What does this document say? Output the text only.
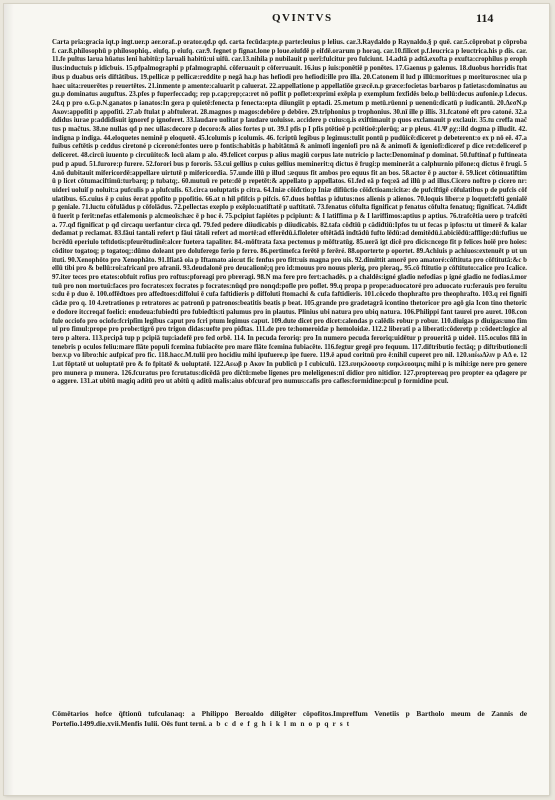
QVINTVS	114
Carta pria:gracia iqt.p ingt.uer.p aer.oraf..p orator.qd.p qd. carta fecūda:pte.p parte:leuius p lelius. car.3.Raydaldo p Raynaldo.§ p quē. car.5.cōprobat p cōprobaf. car.8.philosophū p philosophiq.. eiufq. p eiufq. car.9. fegnet p fignat.lone p loue.eiufdē p eifdē.orarum p horaq. car.10.filicet p.f.leucrica p leuctrica.his p dis. car.11.fe pultus larua hūatus leni habitū:p laruali habitū:ui uifū. car.13.nihila p nubilauit p uerī:fulcitur pro fulciunt. 14.adtā p adtā.exofta p exufta:crophilus p erophilus:inductuis p idicbuis. 15.pfpalmographi p pfalmographi. cōferuauit p cōferruauit. 16.ius p iuis:ponētiē p ponētes. 17.Gaenus p galenus. 18.duobus horridis ftatibus p duabus oris diftātibus. 19.pellicæ p pellicæ:reddite p negā ha.p has hefiodi pro hefiodi:ille pro illa. 20.Catonem il lud p illū:moritues p morituros:nec uia p haec uita:reuerētes p reuertētes. 21.inmente p amente:caluarit p caluerat. 22.appellatione p appellatiōe græcē.n.p græce:focietas barbaros p fatietas:dominatus augu.p dominatus auguftus. 23.pfes p fuperfeccadq; rep p.cap;rep;ca:ret nō poflit p poflet:exprimi exēpla p exemplum fexfidēs belo.p bellū:decus aufonie.p l.decus. 24.q p pro o.G.p.N.ganatos p ianatos:In gera p quietē:fenecta p fenecta:epta diiungiit p eptadi. 25.metum p metū.rūenni p uenenū:dicatū p iudicantū. 20.ΔεσN.p Aκον:appofiti p appofiti. 27.ab ftulat p abftulerat. 28.magnos p magos:debōre p debōre. 29.trīphonius p trophonius. 30.nī ille p illis. 31.fcatoné eft pro catoné. 32.addidus iurae p:addidisuit ignoref p ignoferet. 33.laudare uolitat p laudare uoluisse. accidere p cuius:q.is exiftimauit p quos exclamauit p exclauir. 35.tu creffa mačtus p mačtus. 38.ne nullas qd p nec ullas:decore p decoro:& alios fortes p ut. 39.I pfis p I pfis ptētioē p pctētioē:plerūq; ar p pleus. 41.Ψ ρχ::ild dogma p illudit. 42.indigna p indiga. 44.eloquetes neminē p eloquetē. 45.lcolumis p icolumis. 46. fcriptū legibus p legimus:tulit pontū p pudūicē:diceret p debeterent:o ex p nō eē. 47.a fuibus ceftētis p ceddus ciretoné p ciceroné:fontes uero p fontis:habitās p habitātmā & animofi ingeniofi pro nā & animofi & igeniofi:diceref p dice ret:deliceref p deliceret. 48.circū iuuento p circuūito:& locū alam p alo. 49.felicet corpus p alius magiū corpus late nutricio p lacte:Denominaf p dominat. 50.fuftinaf p fuftineatapud p apud. 51.furore:p furere. 52.forori bus p fororis. 53.cui gellius p cuius gellius meminerit:q dictus ē frugi:p meminerāt a calphurnio pifone:q dictus ē frugi. 54.nō dubitauit mifericordē:appellare uirtutē p mifericordia. 57.unde illū p illud :æquus fit ambos pro equus fit an bos. 58.actor ē p auctor ē. 59.licet cōtinuatiftimū p licet cōtumaciftimū:turbarq; p tubatq;. 60.mutuū re pete:dē p repetēt:& appellato p appellatos. 61.fed eā p feq:eā ad illū p ad illus.Cicero noftro p cicero nr: uideri uoluiſ p noluit:a pufculis p a plufculis. 63.circa uoluptatis p citra. 64.Iniæ cōiđctio:p Iniæ difiūctio cōiđctioam:icitæ: de pufciftīgē cōfulatibus p de pufcis cōfulatibus. 65.cuius ē p cuius ēerat ppofito p ppofitio. 66.at n hil pfifcis p pifcis. 67.duos hoftlas p idutus:nos alienis p alienos. 70.loquis liber:e p loquet:fefti genialē p geniale. 71.luctu cōfulādus p cōfolādus. 72.pellectas exeplo p exēplo:uatiftatē p uaftitatē. 73.fenatus cōfulta fignificat p fenatus cōfulta fenatuq; fignificat. 74.diđtū fuerit p ferit:nefas etfalemonis p alcmeoīs:hæc ē p hoc ē. 75.pcipiut fapiétes p pcipiunt: & I latiffima p & I lariffimos:aptius p aptius. 76.trafcētia uero p trafcētia. 77.qđ fignificat p qđ circaqu uerfantur circa qđ. 79.fed pedere diiudicabis p diiudicabis. 82.tafa cōđtiū p cădiđtiū:Ipfos tu ut fecas p ipfos:tu ut timerē & kalar deđamat p reclamat. 83.fāui tantali refert p fāui tātali refert ad mortē:ad efferēdū.i.floleter oftētādā inđtādū fufto lēdū:ad demitēdū.i.abiciēdū:afflige:dū:fufius uebcrēdū eperiulo teftdotis:pfeurētudinē:alcer fuetera tapaliter. 84.-mōftrata faxa pectemus p mōftratūg. 85.uerā igt dicē pro dicis:ncego fit p felices hoiē pro hoies: cōditor togatoq; p togatoq;:dūmo doleant pro doluferego ferio p ferro. 86.pertimefca ferētē p ferēré. 88.oporterte p oportet. 89.Achiuis p achiuos:extenuēt p ut unituti. 90.Xenophōto pro Xenophāto. 91.Ifiatā oia p Iftamato aio:ut fic fenfus pro fitt:uis magna pro uis. 92.dimittit amorē pro amatoré:cōftituta pro cōftitutā:&c bellū tibi pro & bellū:roi:africanī pro afranii. 93.deudalonē pro deucalionē;q pro id:mouus pro nouus plerig, pro pleraq,. 95.cō ftitutio p cōftituto:calice pro Icalice. 97.iter teces pro etates:obfuit rofius pro roftus:pforeagi pro pbreragi. 98.N ma fere pro fert:achadēs. p a chaldēs:igné gladio nefodias p igné gladio ne fodias.i.mortuū pro non mortuü:faces pro focrates:ex focrates p focrates:nūqd pro nonqd:pofle pro poflet. 99.q propa p prope:aduocatoré pro aduocato ru:ferauis pro feruitus:du ē p duo ē. 100.offēđtoes pro affeđtoes:diffolui ē cufa faftidieris p diffoluti ftomachi & cufa faftidieris. 101.cōcedo thophrafto pro theophrafto. 103.q rei fignificādæ pro q. 10 4.retrationes p retratores ac patronū p patronos:beatitis beatis p beat. 105.grande pro gradetagrā icontino thetoricor pro agō gia Icon tino thetorice dodore itccreqaf foelici: enudeua:fubieđti pro fubieđtis:ti palumus pro in plautus. Plinius ubi natura pro ubiq natura. 106.Philippi fant taurei pro auret. 108.confule occiofo pro ociofo:fcripſim legibus caput pro fcri ptum legimus caput. 109.dute dicet pro dicet:calendas p calēdis robur p robur. 110.diuigas p diuigas:uno fimul pro fimul:prope pro probe:tigrō pro trigon didas:uefte pro piđtas. 111.de pro te:homeroidæ p hemoloidæ. 112.2 liberati p a liberati:cōderetp p :cōdeet:logice altero p altera. 113.prcipā tup p pcipiā tup:iadefē pro fed orbē. 114. In pecuda feroriq: pro In numero pecuda feroriq:uidētur p proueritā p uideē. 115.oculos filā in tenebris p oculos feliu:mare flāte populi fcemina fubiacēte pro mare flāte fcemina fubiacēte. 116.fegtur gregē pro fequum. 117.diftributio fectāq; p diftributione:liber.v.p vo libro:hic aufpicaf pro fic. 118.hacc.M.tulii pro hocidiu mihi ipufuere.p ipe fuere. 119.ē apud coritnū pro ē:nihil cuperet pro nil. 120.ιαέωΔλιν p ΑΔ e. 121.ut fōptatē ut uoluptatē pro & fo fpitatē & uoluptatē. 122.Αεωβ p Ακον In publicū p I cubiculū. 123.ευηκλοοοτρ ευηκλεοοιμις mihi p is mihi:ige nere pro genere pro munera p munera. 126.fcuratus pro fcrutatus:dicēdā pro dićtū:mebe ligenes pro meleligenes:nī didior pro nitidior. 127.proptereaq pro propter ea qđagere pro aggere. 131.at ubitū magiq aditū pro ut abitū q aditū malis:aius obfcuraf pro numus:cafis pro cafles:formidine:pcul p formidine pcul.
Cōmētarios hofce q̄ftionū tufculanaq: a Philippo Beroaldo diligēter cōpofitos.Impreffum Venetiis p Bartholo meum de Zannis de Portefio.1499.die.xvii.Menfis Iulii. Oēs funt terni. a b c d e f g h i k l m n o p q r s t
